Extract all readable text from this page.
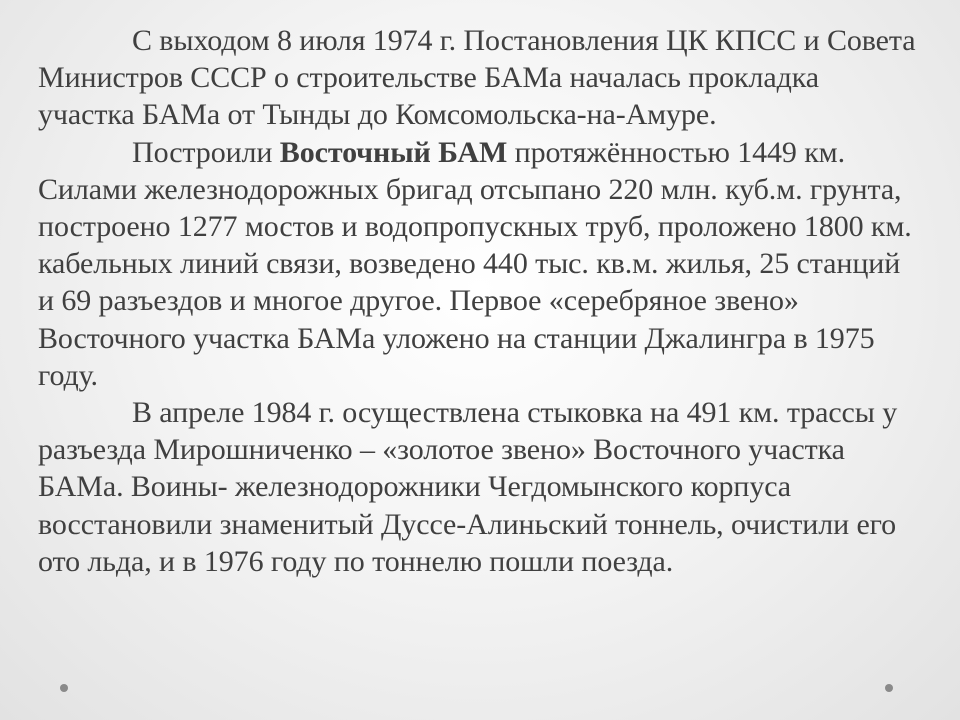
С выходом 8 июля 1974 г. Постановления ЦК КПСС и Совета Министров СССР о строительстве БАМа началась прокладка участка БАМа от Тынды до Комсомольска-на-Амуре.

Построили Восточный БАМ протяжённостью 1449 км. Силами железнодорожных бригад отсыпано 220 млн. куб.м. грунта, построено 1277 мостов и водопропускных труб, проложено 1800 км. кабельных линий связи, возведено 440 тыс. кв.м. жилья, 25 станций и 69 разъездов и многое другое. Первое «серебряное звено» Восточного участка БАМа уложено на станции Джалингра в 1975 году.

В апреле 1984 г. осуществлена стыковка на 491 км. трассы у разъезда Мирошниченко – «золотое звено» Восточного участка БАМа. Воины- железнодорожники Чегдомынского корпуса восстановили знаменитый Дуссе-Алиньский тоннель, очистили его ото льда, и в 1976 году по тоннелю пошли поезда.
